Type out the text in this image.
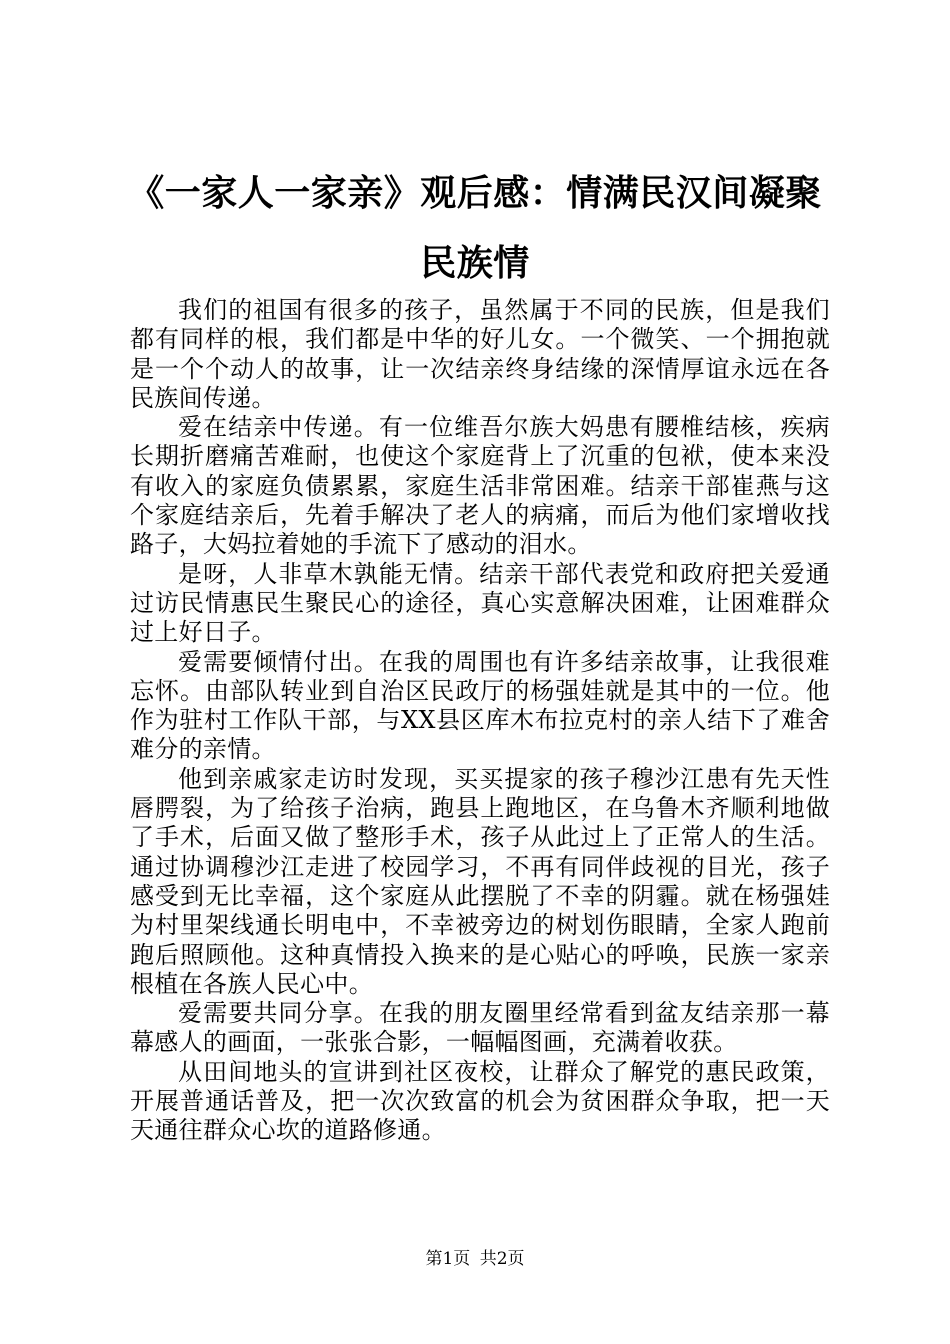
《一家人一家亲》观后感：情满民汉间凝聚民族情

我们的祖国有很多的孩子，虽然属于不同的民族，但是我们都有同样的根，我们都是中华的好儿女。一个微笑、一个拥抱就是一个个动人的故事，让一次结亲终身结缘的深情厚谊永远在各民族间传递。

爱在结亲中传递。有一位维吾尔族大妈患有腰椎结核，疾病长期折磨痛苦难耐，也使这个家庭背上了沉重的包袱，使本来没有收入的家庭负债累累，家庭生活非常困难。结亲干部崔燕与这个家庭结亲后，先着手解决了老人的病痛，而后为他们家增收找路子，大妈拉着她的手流下了感动的泪水。

是呀，人非草木孰能无情。结亲干部代表党和政府把关爱通过访民情惠民生聚民心的途径，真心实意解决困难，让困难群众过上好日子。

爱需要倾情付出。在我的周围也有许多结亲故事，让我很难忘怀。由部队转业到自治区民政厅的杨强娃就是其中的一位。他作为驻村工作队干部，与XX县区库木布拉克村的亲人结下了难舍难分的亲情。

他到亲戚家走访时发现，买买提家的孩子穆沙江患有先天性唇腭裂，为了给孩子治病，跑县上跑地区，在乌鲁木齐顺利地做了手术，后面又做了整形手术，孩子从此过上了正常人的生活。通过协调穆沙江走进了校园学习，不再有同伴歧视的目光，孩子感受到无比幸福，这个家庭从此摆脱了不幸的阴霾。就在杨强娃为村里架线通长明电中，不幸被旁边的树划伤眼睛，全家人跑前跑后照顾他。这种真情投入换来的是心贴心的呼唤，民族一家亲根植在各族人民心中。

爱需要共同分享。在我的朋友圈里经常看到盆友结亲那一幕幕感人的画面，一张张合影，一幅幅图画，充满着收获。

从田间地头的宣讲到社区夜校，让群众了解党的惠民政策，开展普通话普及，把一次次致富的机会为贫困群众争取，把一天天通往群众心坎的道路修通。

第1页 共2页
